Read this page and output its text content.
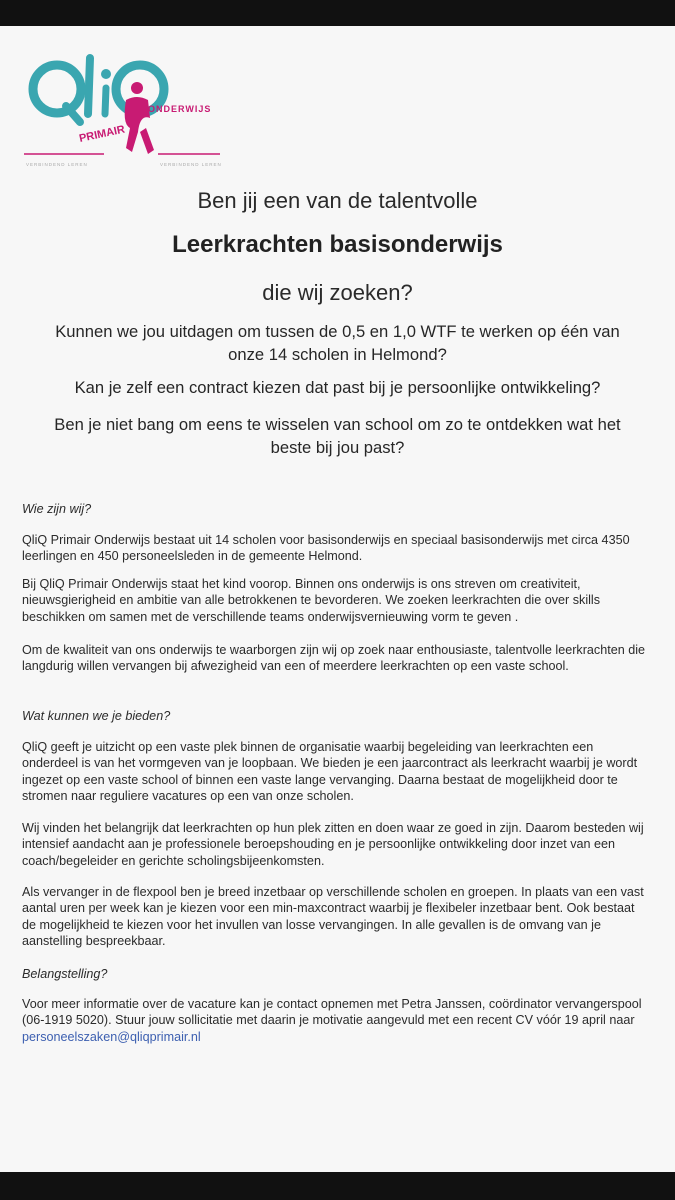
PRIMAIR
ONDERWIJS
VERBINDEND LEREN	VERBINDEND LEREN

Ben jij een van de talentvolle

Leerkrachten basisonderwijs

die wij zoeken?

Kunnen we jou uitdagen om tussen de 0,5 en 1,0 WTF te werken op één van
onze 14 scholen in Helmond?

Kan je zelf een contract kiezen dat past bij je persoonlijke ontwikkeling?

Ben je niet bang om eens te wisselen van school om zo te ontdekken wat het
beste bij jou past?

Wie zijn wij?

QliQ Primair Onderwijs bestaat uit 14 scholen voor basisonderwijs en speciaal basisonderwijs met circa 4350 leerlingen en 450 personeelsleden in de gemeente Helmond.

Bij QliQ Primair Onderwijs staat het kind voorop. Binnen ons onderwijs is ons streven om creativiteit, nieuwsgierigheid en ambitie van alle betrokkenen te bevorderen. We zoeken leerkrachten die over skills beschikken om samen met de verschillende teams onderwijsvernieuwing vorm te geven .

Om de kwaliteit van ons onderwijs te waarborgen zijn wij op zoek naar enthousiaste, talentvolle leerkrachten die langdurig willen vervangen bij afwezigheid van een of meerdere leerkrachten op een vaste school.

Wat kunnen we je bieden?

QliQ geeft je uitzicht op een vaste plek binnen de organisatie waarbij begeleiding van leerkrachten een onderdeel is van het vormgeven van je loopbaan. We bieden je een jaarcontract als leerkracht waarbij je wordt ingezet op een vaste school of binnen een vaste lange vervanging. Daarna bestaat de mogelijkheid door te stromen naar reguliere vacatures op een van onze scholen.

Wij vinden het belangrijk dat leerkrachten op hun plek zitten en doen waar ze goed in zijn. Daarom besteden wij intensief aandacht aan je professionele beroepshouding en je persoonlijke ontwikkeling door inzet van een coach/begeleider en gerichte scholingsbijeenkomsten.

Als vervanger in de flexpool ben je breed inzetbaar op verschillende scholen en groepen. In plaats van een vast aantal uren per week kan je kiezen voor een min-maxcontract waarbij je flexibeler inzetbaar bent. Ook bestaat de mogelijkheid te kiezen voor het invullen van losse vervangingen. In alle gevallen is de omvang van je aanstelling bespreekbaar.

Belangstelling?

Voor meer informatie over de vacature kan je contact opnemen met Petra Janssen, coördinator vervangerspool (06-1919 5020). Stuur jouw sollicitatie met daarin je motivatie aangevuld met een recent CV vóór 19 april naar personeelszaken@qliqprimair.nl
